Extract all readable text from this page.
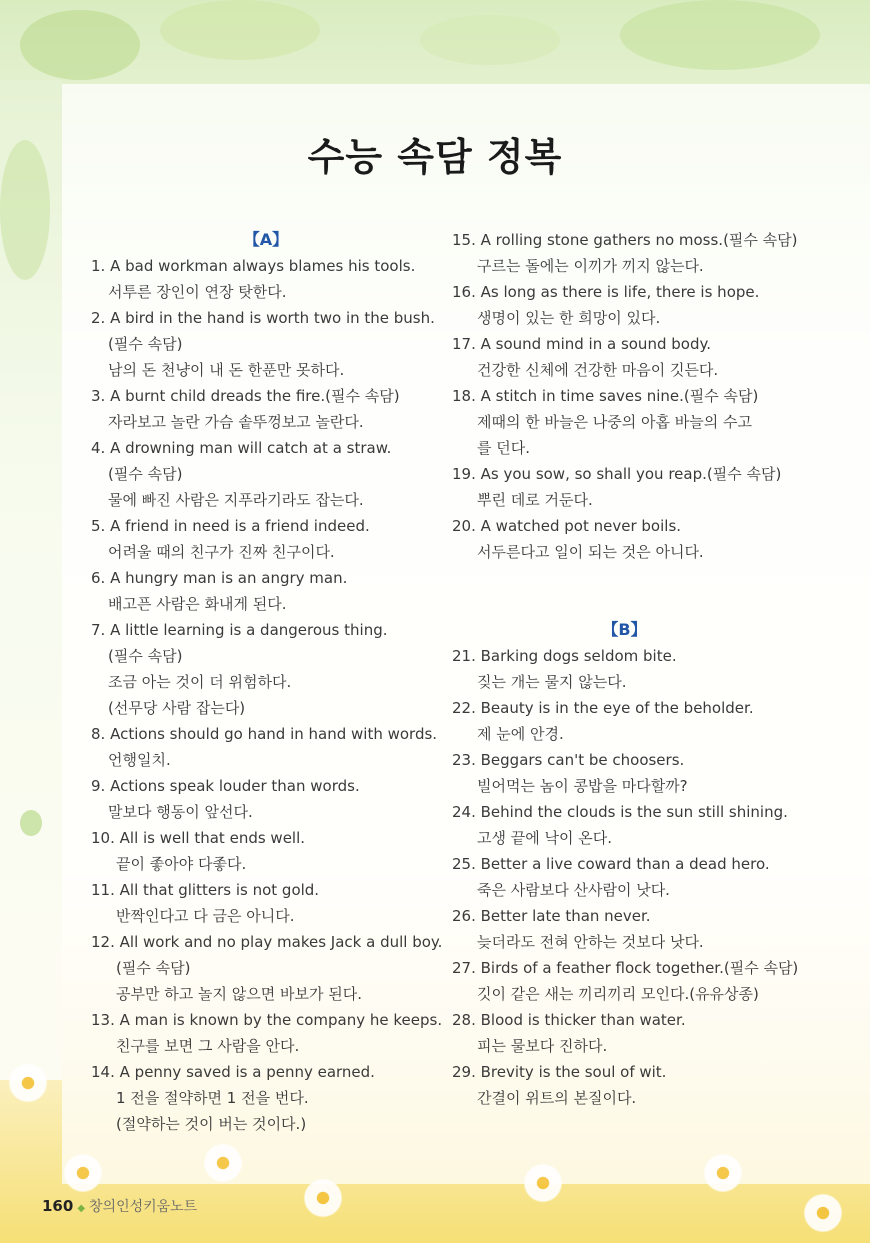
수능 속담 정복
【A】
1. A bad workman always blames his tools.
서투른 장인이 연장 탓한다.
2. A bird in the hand is worth two in the bush.
(필수 속담)
남의 돈 천냥이 내 돈 한푼만 못하다.
3. A burnt child dreads the fire.(필수 속담)
자라보고 놀란 가슴 솥뚜껑보고 놀란다.
4. A drowning man will catch at a straw.
(필수 속담)
물에 빠진 사람은 지푸라기라도 잡는다.
5. A friend in need is a friend indeed.
어려울 때의 친구가 진짜 친구이다.
6. A hungry man is an angry man.
배고픈 사람은 화내게 된다.
7. A little learning is a dangerous thing.
(필수 속담)
조금 아는 것이 더 위험하다.
(선무당 사람 잡는다)
8. Actions should go hand in hand with words.
언행일치.
9. Actions speak louder than words.
말보다 행동이 앞선다.
10. All is well that ends well.
끝이 좋아야 다좋다.
11. All that glitters is not gold.
반짝인다고 다 금은 아니다.
12. All work and no play makes Jack a dull boy.
(필수 속담)
공부만 하고 놀지 않으면 바보가 된다.
13. A man is known by the company he keeps.
친구를 보면 그 사람을 안다.
14. A penny saved is a penny earned.
1 전을 절약하면 1 전을 번다.
(절약하는 것이 버는 것이다.)
15. A rolling stone gathers no moss.(필수 속담)
구르는 돌에는 이끼가 끼지 않는다.
16. As long as there is life, there is hope.
생명이 있는 한 희망이 있다.
17. A sound mind in a sound body.
건강한 신체에 건강한 마음이 깃든다.
18. A stitch in time saves nine.(필수 속담)
제때의 한 바늘은 나중의 아홉 바늘의 수고
를 던다.
19. As you sow, so shall you reap.(필수 속담)
뿌린 데로 거둔다.
20. A watched pot never boils.
서두른다고 일이 되는 것은 아니다.
【B】
21. Barking dogs seldom bite.
짖는 개는 물지 않는다.
22. Beauty is in the eye of the beholder.
제 눈에 안경.
23. Beggars can't be choosers.
빌어먹는 놈이 콩밥을 마다할까?
24. Behind the clouds is the sun still shining.
고생 끝에 낙이 온다.
25. Better a live coward than a dead hero.
죽은 사람보다 산사람이 낫다.
26. Better late than never.
늦더라도 전혀 안하는 것보다 낫다.
27. Birds of a feather flock together.(필수 속담)
깃이 같은 새는 끼리끼리 모인다.(유유상종)
28. Blood is thicker than water.
피는 물보다 진하다.
29. Brevity is the soul of wit.
간결이 위트의 본질이다.
160 ◆ 창의인성키움노트
